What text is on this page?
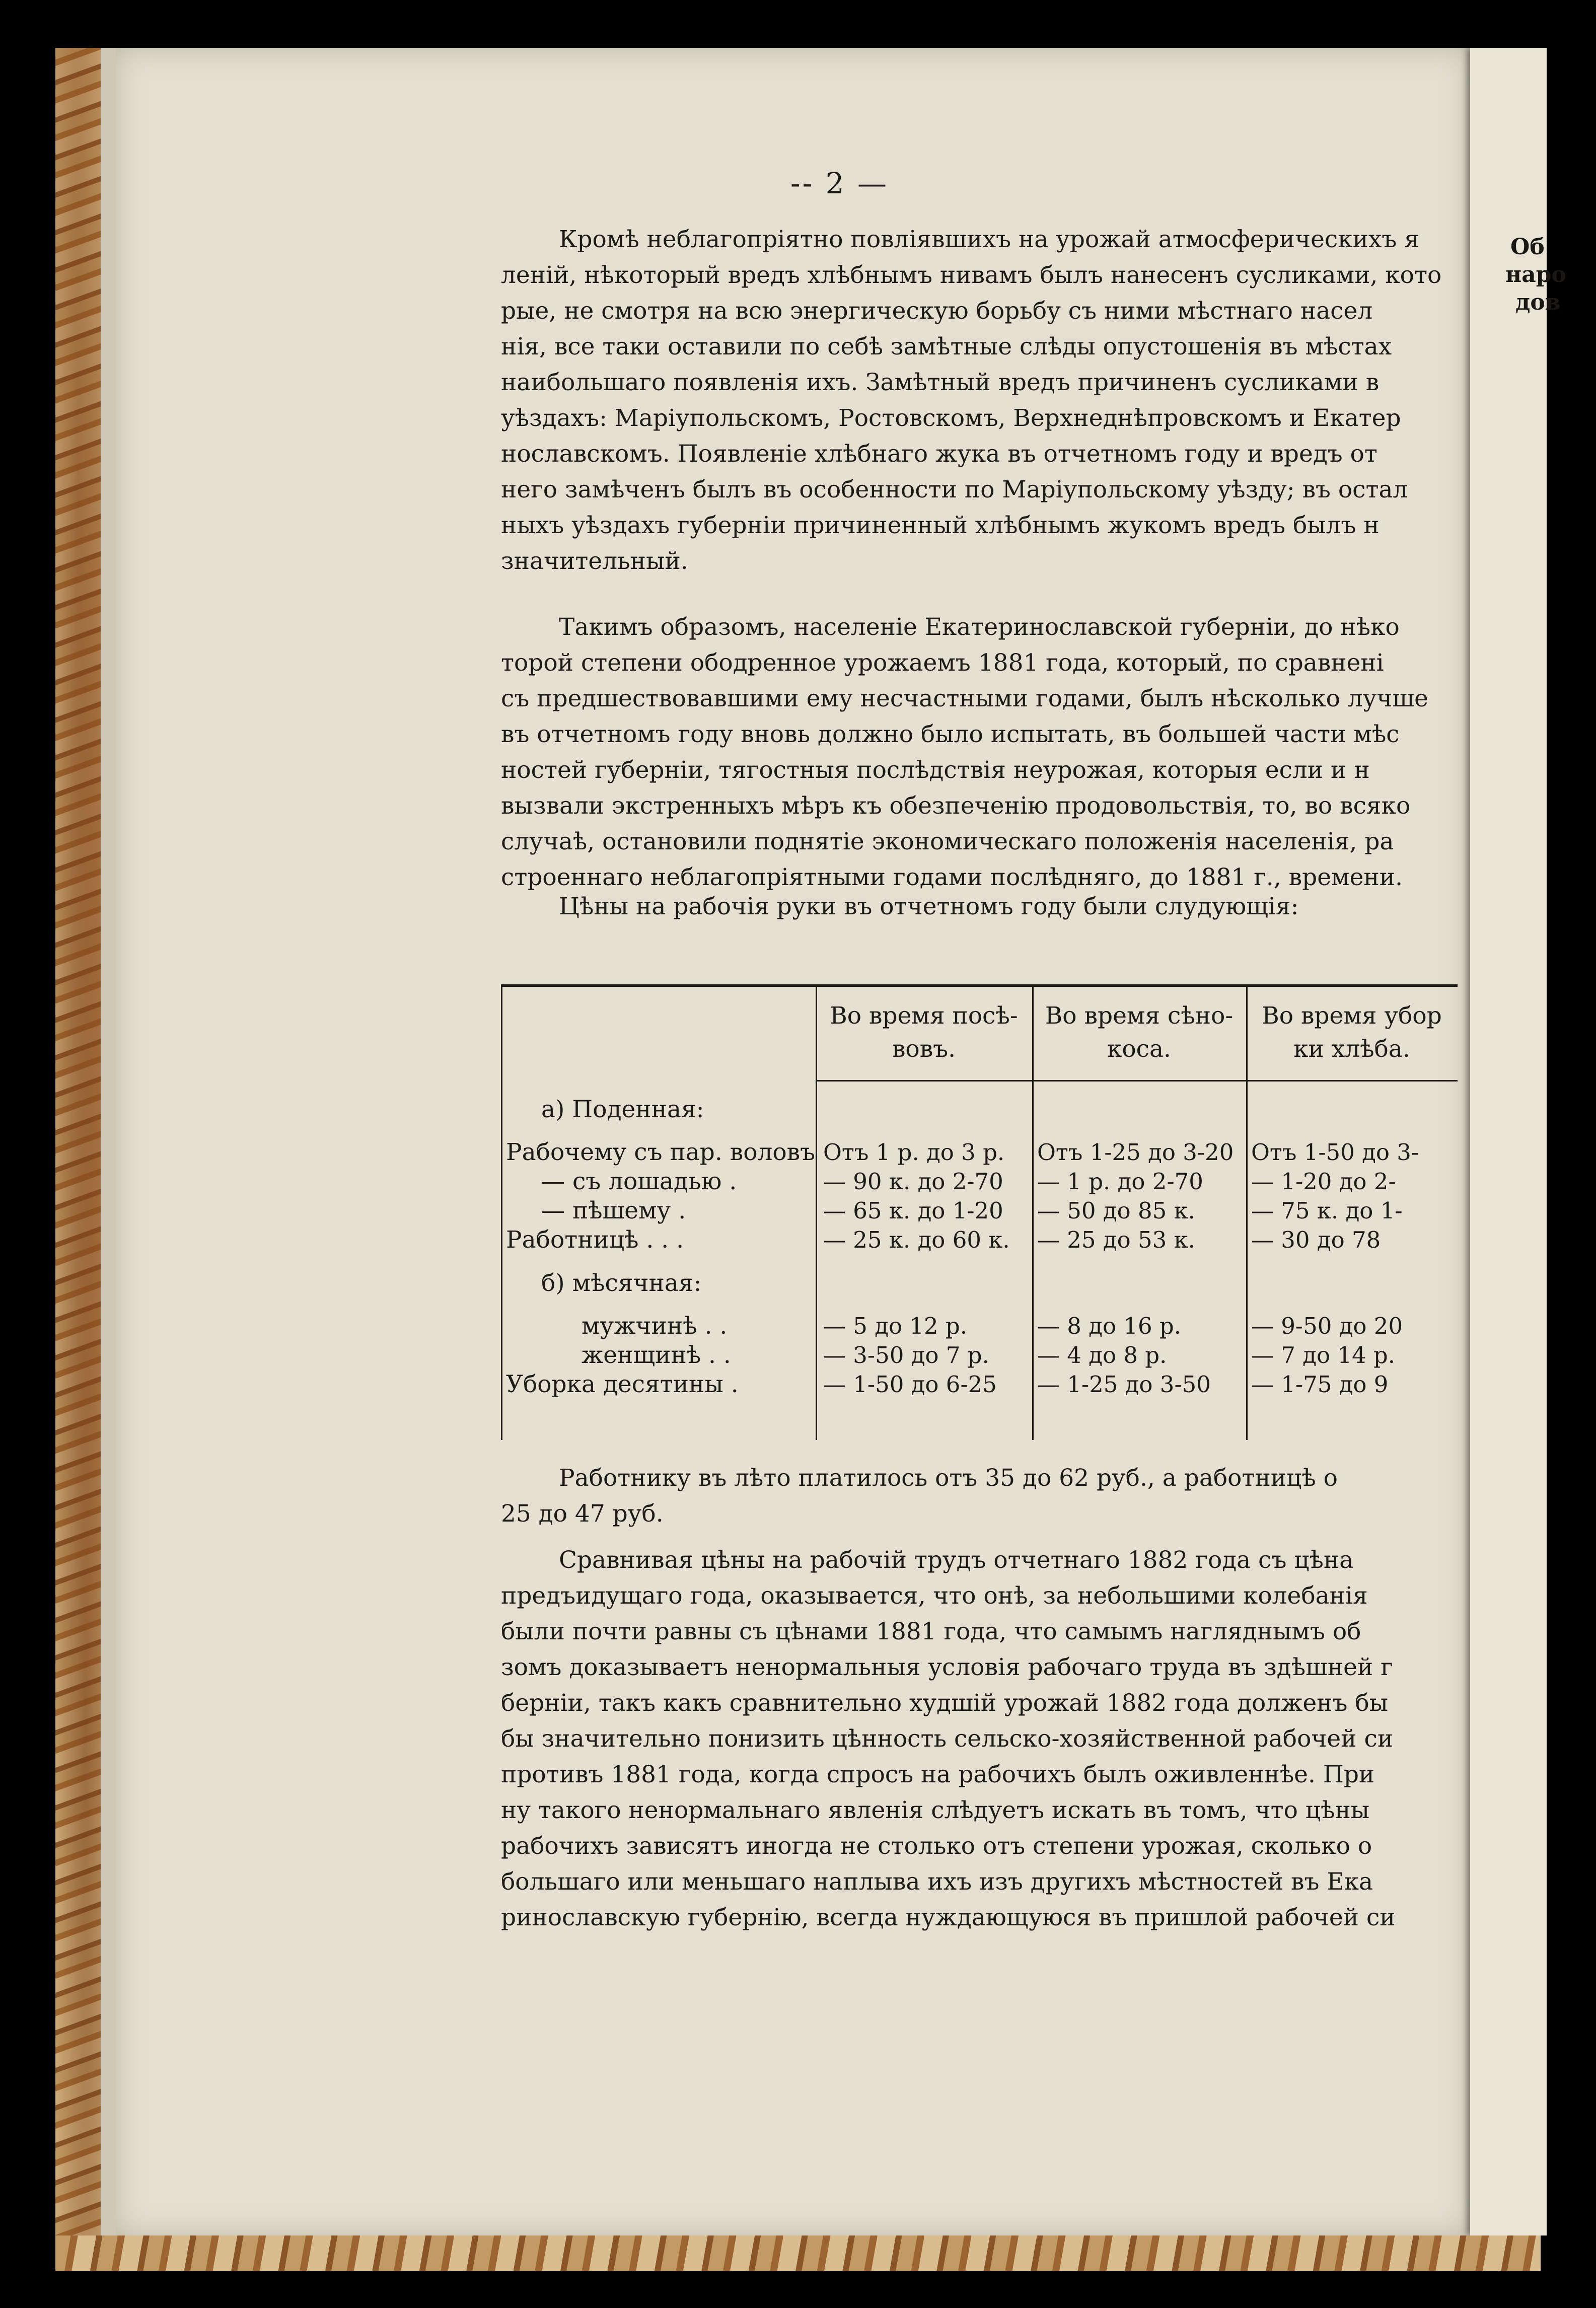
Об
наро
дов
-- 2 —
Кромѣ неблагопріятно повліявшихъ на урожай атмосферическихъ я
леній, нѣкоторый вредъ хлѣбнымъ нивамъ былъ нанесенъ сусликами, кото
рые, не смотря на всю энергическую борьбу съ ними мѣстнаго насел
нія, все таки оставили по себѣ замѣтные слѣды опустошенія въ мѣстах
наибольшаго появленія ихъ. Замѣтный вредъ причиненъ сусликами в
уѣздахъ: Маріупольскомъ, Ростовскомъ, Верхнеднѣпровскомъ и Екатер
нославскомъ. Появленіе хлѣбнаго жука въ отчетномъ году и вредъ от
него замѣченъ былъ въ особенности по Маріупольскому уѣзду; въ остал
ныхъ уѣздахъ губерніи причиненный хлѣбнымъ жукомъ вредъ былъ н
значительный.
Такимъ образомъ, населеніе Екатеринославской губерніи, до нѣко
торой степени ободренное урожаемъ 1881 года, который, по сравнені
съ предшествовавшими ему несчастными годами, былъ нѣсколько лучше
въ отчетномъ году вновь должно было испытать, въ большей части мѣс
ностей губерніи, тягостныя послѣдствія неурожая, которыя если и н
вызвали экстренныхъ мѣръ къ обезпеченію продовольствія, то, во всяко
случаѣ, остановили поднятіе экономическаго положенія населенія, ра
строеннаго неблагопріятными годами послѣдняго, до 1881 г., времени.
Цѣны на рабочія руки въ отчетномъ году были слудующія:
Во время посѣ-
вовъ.
Во время сѣно-
коса.
Во время убор
ки хлѣба.
а) Поденная:
Рабочему съ пар. воловъ Отъ 1 р. до 3 р. Отъ 1-25 до 3-20 Отъ 1-50 до 3-
— съ лошадью .	— 90 к. до 2-70 — 1 р. до 2-70 — 1-20 до 2-
— пѣшему .	— 65 к. до 1-20 — 50 до 85 к. — 75 к. до 1-
Работницѣ . . .	— 25 к. до 60 к. — 25 до 53 к. — 30 до 78
б) мѣсячная:
мужчинѣ . .	— 5 до 12 р.	— 8 до 16 р.	— 9-50 до 20
женщинѣ . .	— 3-50 до 7 р. — 4 до 8 р.	— 7 до 14 р.
Уборка десятины .	— 1-50 до 6-25 — 1-25 до 3-50 — 1-75 до 9
Работнику въ лѣто платилось отъ 35 до 62 руб., а работницѣ о
25 до 47 руб.
Сравнивая цѣны на рабочій трудъ отчетнаго 1882 года съ цѣна
предъидущаго года, оказывается, что онѣ, за небольшими колебанія
были почти равны съ цѣнами 1881 года, что самымъ нагляднымъ об
зомъ доказываетъ ненормальныя условія рабочаго труда въ здѣшней г
берніи, такъ какъ сравнительно худшій урожай 1882 года долженъ бы
бы значительно понизить цѣнность сельско-хозяйственной рабочей си
противъ 1881 года, когда спросъ на рабочихъ былъ оживленнѣе. При
ну такого ненормальнаго явленія слѣдуетъ искать въ томъ, что цѣны
рабочихъ зависятъ иногда не столько отъ степени урожая, сколько о
большаго или меньшаго наплыва ихъ изъ другихъ мѣстностей въ Ека
ринославскую губернію, всегда нуждающуюся въ пришлой рабочей си
